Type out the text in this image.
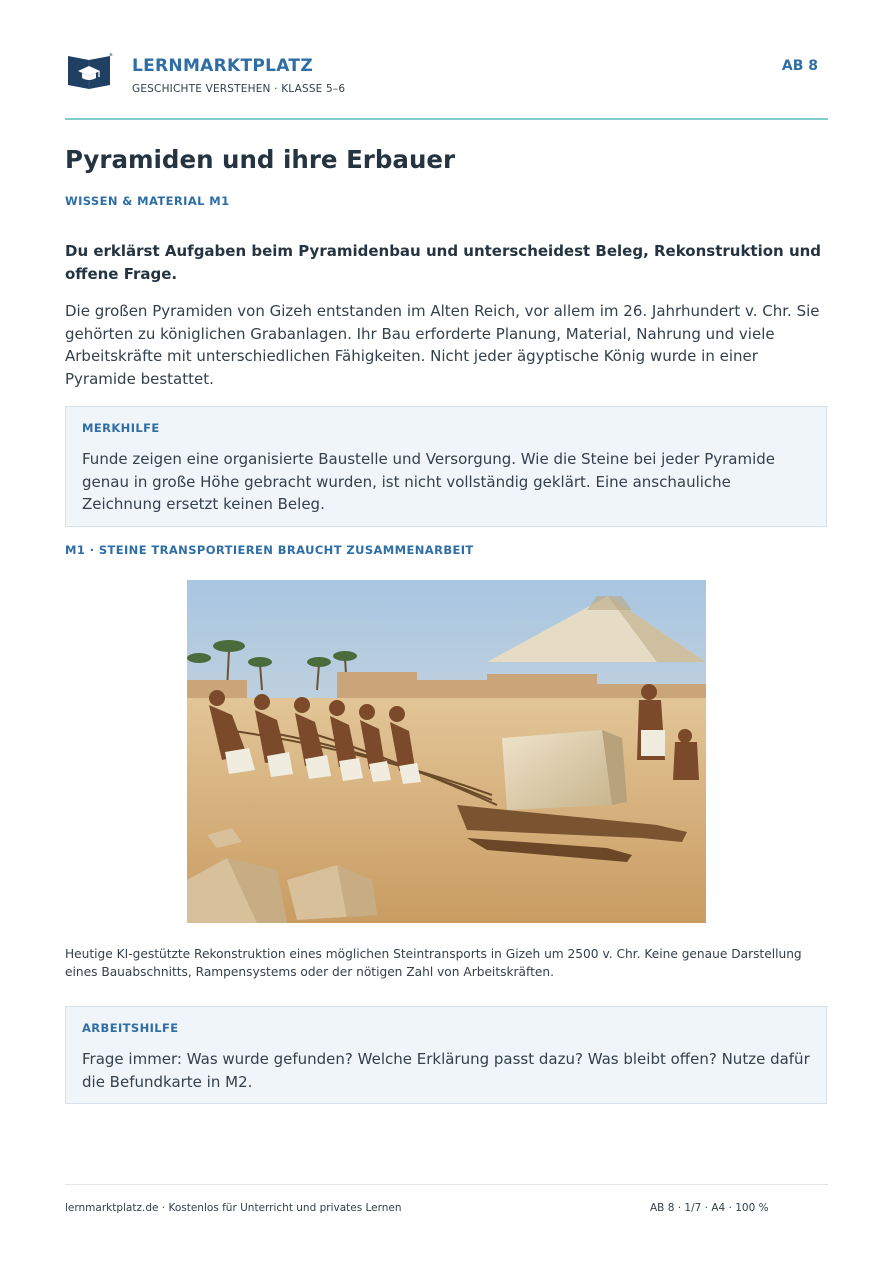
LERNMARKTPLATZ
GESCHICHTE VERSTEHEN · KLASSE 5–6
AB 8
Pyramiden und ihre Erbauer
WISSEN & MATERIAL M1

Du erklärst Aufgaben beim Pyramidenbau und unterscheidest Beleg, Rekonstruktion und offene Frage.

Die großen Pyramiden von Gizeh entstanden im Alten Reich, vor allem im 26. Jahrhundert v. Chr. Sie gehörten zu königlichen Grabanlagen. Ihr Bau erforderte Planung, Material, Nahrung und viele Arbeitskräfte mit unterschiedlichen Fähigkeiten. Nicht jeder ägyptische König wurde in einer Pyramide bestattet.

MERKHILFE

Funde zeigen eine organisierte Baustelle und Versorgung. Wie die Steine bei jeder Pyramide genau in große Höhe gebracht wurden, ist nicht vollständig geklärt. Eine anschauliche Zeichnung ersetzt keinen Beleg.

M1 · STEINE TRANSPORTIEREN BRAUCHT ZUSAMMENARBEIT

Heutige KI-gestützte Rekonstruktion eines möglichen Steintransports in Gizeh um 2500 v. Chr. Keine genaue Darstellung eines Bauabschnitts, Rampensystems oder der nötigen Zahl von Arbeitskräften.

ARBEITSHILFE

Frage immer: Was wurde gefunden? Welche Erklärung passt dazu? Was bleibt offen? Nutze dafür die Befundkarte in M2.

lernmarktplatz.de · Kostenlos für Unterricht und privates Lernen	AB 8 · 1/7 · A4 · 100 %
